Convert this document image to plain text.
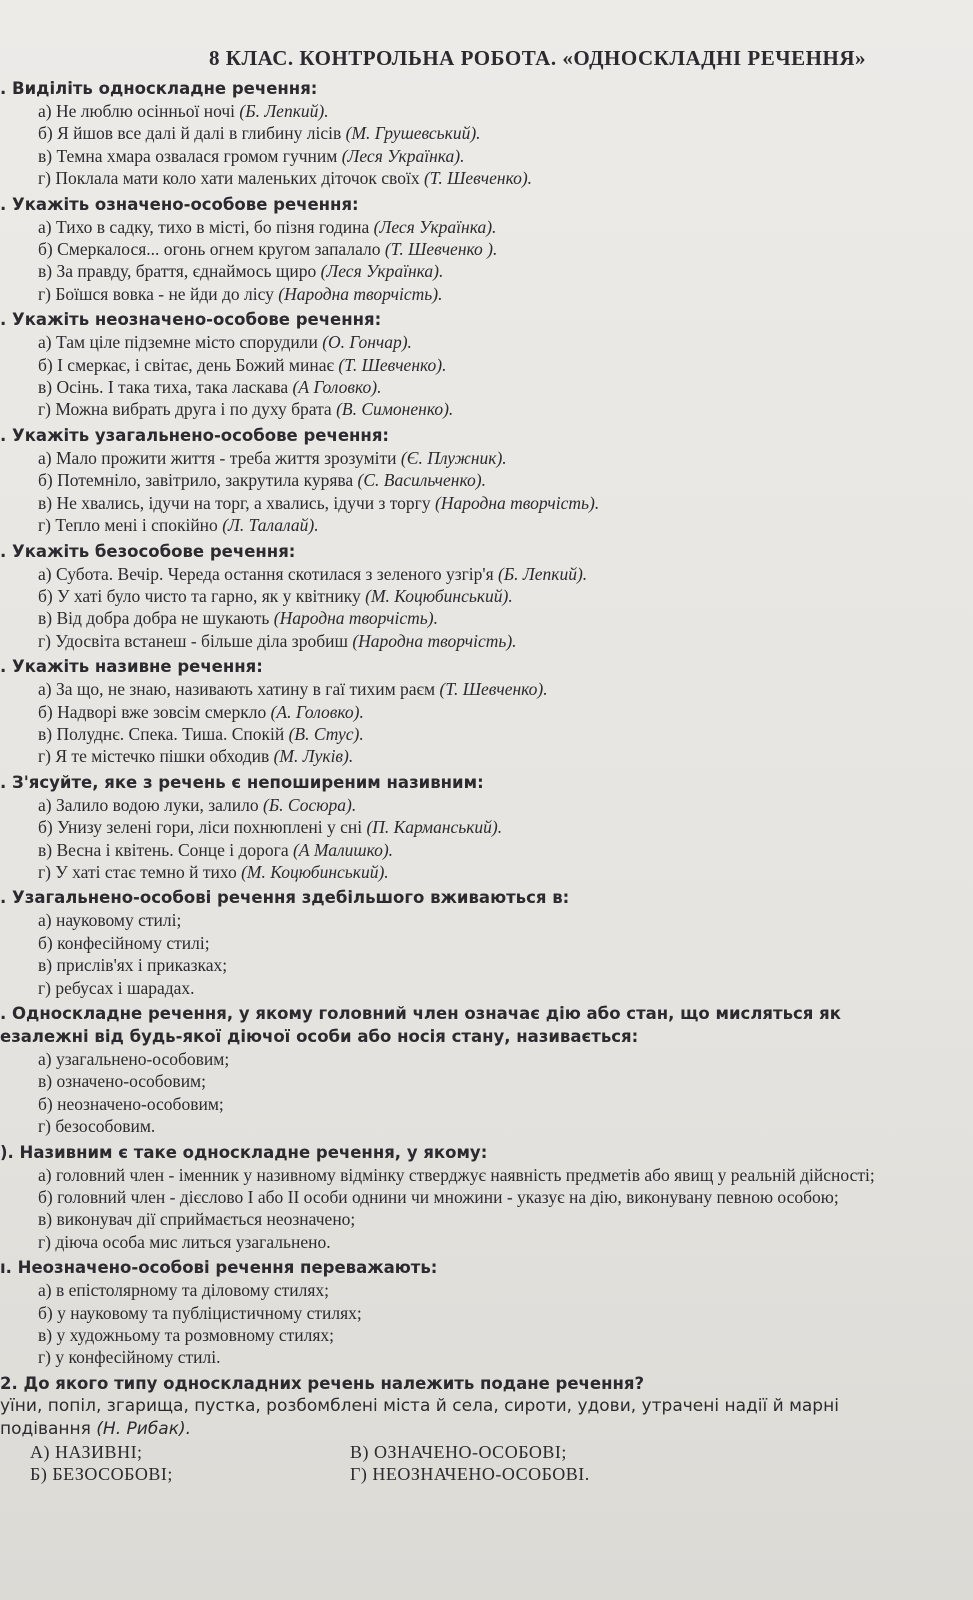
8 КЛАС. КОНТРОЛЬНА РОБОТА. «ОДНОСКЛАДНІ РЕЧЕННЯ»
. Виділіть односкладне речення:
а) Не люблю осінньої ночі (Б. Лепкий).
б) Я йшов все далі й далі в глибину лісів (М. Грушевський).
в) Темна хмара озвалася громом гучним (Леся Українка).
г) Поклала мати коло хати маленьких діточок своїх (Т. Шевченко).
. Укажіть означено-особове речення:
а) Тихо в садку, тихо в місті, бо пізня година (Леся Українка).
б) Смеркалося... огонь огнем кругом запалало (Т. Шевченко ).
в) За правду, браття, єднаймось щиро (Леся Українка).
г) Боїшся вовка - не йди до лісу (Народна творчість).
. Укажіть неозначено-особове речення:
а) Там ціле підземне місто спорудили (О. Гончар).
б) І смеркає, і світає, день Божий минає (Т. Шевченко).
в) Осінь. І така тиха, така ласкава (А Головко).
г) Можна вибрать друга і по духу брата (В. Симоненко).
. Укажіть узагальнено-особове речення:
а) Мало прожити життя - треба життя зрозуміти (Є. Плужник).
б) Потемніло, завітрило, закрутила курява (С. Васильченко).
в) Не хвались, ідучи на торг, а хвались, ідучи з торгу (Народна творчість).
г) Тепло мені і спокійно (Л. Талалай).
. Укажіть безособове речення:
а) Субота. Вечір. Череда остання скотилася з зеленого узгір'я (Б. Лепкий).
б) У хаті було чисто та гарно, як у квітнику (М. Коцюбинський).
в) Від добра добра не шукають (Народна творчість).
г) Удосвіта встанеш - більше діла зробиш (Народна творчість).
. Укажіть називне речення:
а) За що, не знаю, називають хатину в гаї тихим раєм (Т. Шевченко).
б) Надворі вже зовсім смеркло (А. Головко).
в) Полуднє. Спека. Тиша. Спокій (В. Стус).
г) Я те містечко пішки обходив (М. Луків).
. З'ясуйте, яке з речень є непоширеним називним:
а) Залило водою луки, залило (Б. Сосюра).
б) Унизу зелені гори, ліси похнюплені у сні (П. Карманський).
в) Весна і квітень. Сонце і дорога (А Малишко).
г) У хаті стає темно й тихо (М. Коцюбинський).
. Узагальнено-особові речення здебільшого вживаються в:
а) науковому стилі;
б) конфесійному стилі;
в) прислів'ях і приказках;
г) ребусах і шарадах.
. Односкладне речення, у якому головний член означає дію або стан, що мисляться як
езалежні від будь-якої діючої особи або носія стану, називається:
а) узагальнено-особовим;
в) означено-особовим;
б) неозначено-особовим;
г) безособовим.
). Називним є таке односкладне речення, у якому:
а) головний член - іменник у називному відмінку стверджує наявність предметів або явищ у реальній дійсності;
б) головний член - дієслово І або ІІ особи однини чи множини - указує на дію, виконувану певною особою;
в) виконувач дії сприймається неозначено;
г) діюча особа мис литься узагальнено.
ı. Неозначено-особові речення переважають:
а) в епістолярному та діловому стилях;
б) у науковому та публіцистичному стилях;
в) у художньому та розмовному стилях;
г) у конфесійному стилі.
2. До якого типу односкладних речень належить подане речення?
уїни, попіл, згарища, пустка, розбомблені міста й села, сироти, удови, утрачені надії й марні подівання (Н. Рибак).
А) НАЗИВНІ;	В) ОЗНАЧЕНО-ОСОБОВІ;
Б) БЕЗОСОБОВІ;	Г) НЕОЗНАЧЕНО-ОСОБОВІ.
